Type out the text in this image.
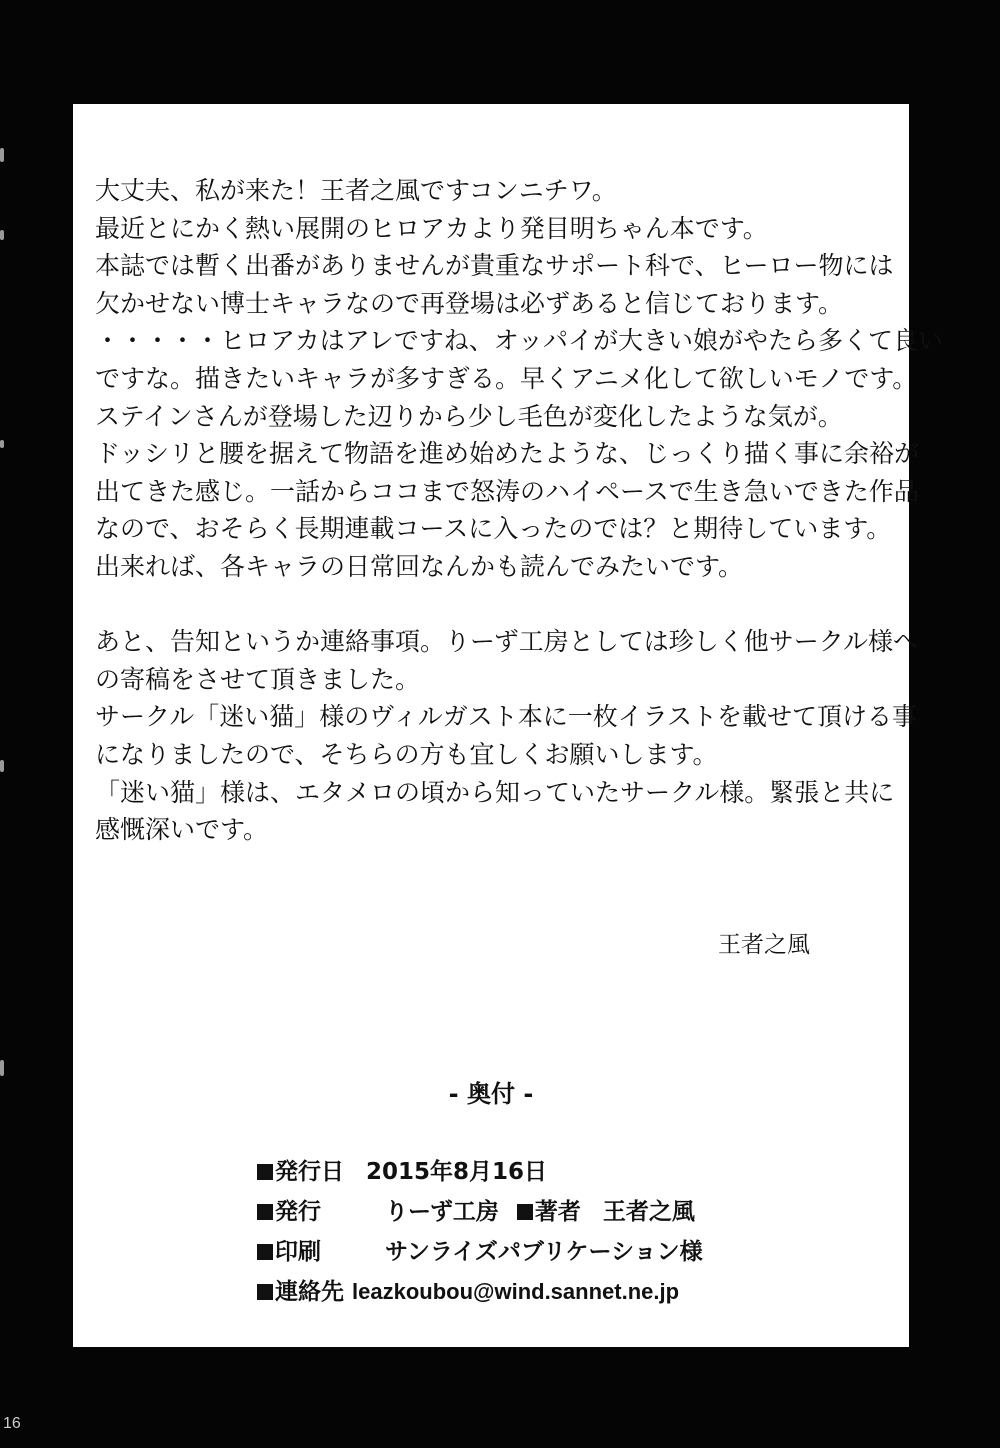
大丈夫、私が来た！王者之風ですコンニチワ。
最近とにかく熱い展開のヒロアカより発目明ちゃん本です。
本誌では暫く出番がありませんが貴重なサポート科で、ヒーロー物には
欠かせない博士キャラなので再登場は必ずあると信じております。
・・・・・ヒロアカはアレですね、オッパイが大きい娘がやたら多くて良い
ですな。描きたいキャラが多すぎる。早くアニメ化して欲しいモノです。
ステインさんが登場した辺りから少し毛色が変化したような気が。
ドッシリと腰を据えて物語を進め始めたような、じっくり描く事に余裕が
出てきた感じ。一話からココまで怒涛のハイペースで生き急いできた作品
なので、おそらく長期連載コースに入ったのでは？と期待しています。
出来れば、各キャラの日常回なんかも読んでみたいです。
あと、告知というか連絡事項。りーず工房としては珍しく他サークル様へ
の寄稿をさせて頂きました。
サークル「迷い猫」様のヴィルガスト本に一枚イラストを載せて頂ける事
になりましたので、そちらの方も宜しくお願いします。
「迷い猫」様は、エタメロの頃から知っていたサークル様。緊張と共に
感慨深いです。
王者之風
- 奥付 -
発行日 2015年8月16日
発行	りーず工房 著者 王者之風
印刷	サンライズパブリケーション様
連絡先 leazkoubou@wind.sannet.ne.jp
16
